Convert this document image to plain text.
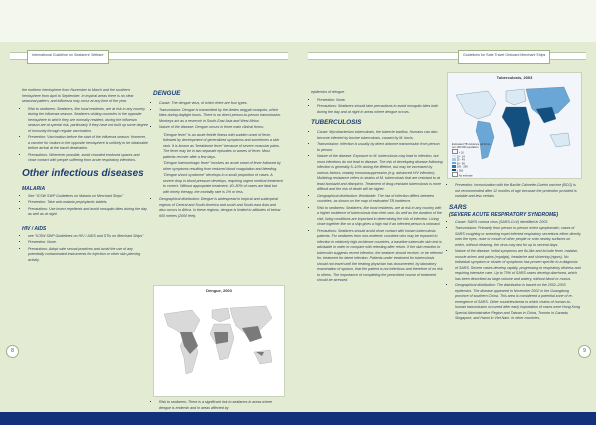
International Guideline on Seafarers' Welfare	Guidelines for Safe Travel Onboard Merchant Ships

the northern hemisphere from November to March and the southern hemisphere from April to September. In tropical areas there is no clear seasonal pattern, and influenza may occur at any time of the year.

▪ Risk to seafarers: Seafarers, like local residents, are at risk in any country during the influenza season. Seafarers visiting countries in the opposite hemisphere to which they are normally resident, during the influenza season are at special risk, particularly if they have not built up some degree of immunity through regular vaccination.
▪ Prevention: Vaccination before the start of the influenza season. However, a vaccine for visitors in the opposite hemisphere is unlikely to be obtainable before arrival at the travel destination.
▪ Precautions: Whenever possible, avoid crowded enclosed spaces and close contact with people suffering from acute respiratory infections.
Other infectious diseases
MALARIA
▪ See "ICSW SWP Guidelines on Malaria on Merchant Ships"
▪ Prevention: Take anti-malaria prophylactic tablets.
▪ Precautions: Use insect repellents and avoid mosquito bites during the day as well as at night.
HIV / AIDS
▪ see "ICSW SWP Guidelines on HIV / AIDS and STIs on Merchant Ships"
▪ Prevention: None.
▪ Precautions: Adopt safe sexual practices and avoid the use of any potentially contaminated instruments for injection or other skin-piercing activity.
DENGUE
▪ Cause: The dengue virus, of which there are four types.
▪ Transmission: Dengue is transmitted by the Aedes aegypti mosquito, which bites during daylight hours. There is no direct person-to-person transmission. Monkeys act as a reservoir in South-East Asia and West Africa.
▪ Nature of the disease: Dengue occurs in three main clinical forms:
"Dengue fever" is an acute febrile illness with sudden onset of fever, followed by development of generalized symptoms and sometimes a skin rash. It is known as "breakbone fever" because of severe muscular pains. The fever may be in two separate episodes or waves of fever. Most patients recover after a few days.
"Dengue haemorrhagic fever" involves an acute onset of fever followed by other symptoms resulting from reduced blood coagulation and bleeding.
"Dengue shock syndrome" develops in a small proportion of cases. A severe drop in blood pressure develops, requiring urgent medical treatment to correct. Without appropriate treatment, 40–50% of cases are fatal but with timely therapy, the mortality rate is 1% or less.
▪ Geographical distribution: Dengue is widespread in tropical and subtropical regions of Central and South America and south and South-east Asia and also occurs in Africa. In these regions, dengue is limited to altitudes of below 600 metres (2000 feet).
Dengue, 2003
▪ Risk to seafarers: There is a significant risk to seafarers in areas where dengue is endemic and in areas affected by

epidemics of dengue.

▪ Prevention: None.
▪ Precautions: Seafarers should take precautions to avoid mosquito bites both during the day and at night in areas where dengue occurs.
TUBERCULOSIS
▪ Cause: Mycobacterium tuberculosis, the tubercle bacillus. Humans can also become infected by bovine tuberculosis, caused by M. bovis.
▪ Transmission: Infection is usually by direct airborne transmission from person to person.
▪ Nature of the disease: Exposure to M. tuberculosis may lead to infection, but most infections do not lead to disease. The risk of developing disease following infection is generally 5–10% during the lifetime, but may be increased by various factors, notably immunosuppression (e.g. advanced HIV infection). Multidrug resistance refers to strains of M. tuberculosis that are resistant to at least isoniazid and rifampicin. Treatment of drug-resistant tuberculosis is more difficult and the risk of death will be higher.
▪ Geographical distribution: Worldwide. The risk of infection differs between countries, as shown on the map of estimated TB incidence.
▪ Risk to seafarers: Seafarers, like local residents, are at risk in any country with a higher incidence of tuberculosis than their own. As well as the duration of the visit, living conditions are important in determining the risk of infection. Living close together like on a ship gives a high risk if an infected person is onboard.
▪ Precautions: Seafarers should avoid close contact with known tuberculosis patients. For seafarers from non-endemic countries who may be exposed to infection in relatively high-incidence countries, a baseline tuberculin skin test is advisable in order to compare with retesting after return. If the skin reaction to tuberculin suggests recent infection, the seafarer should receive, or be referred for, treatment for latent infection. Patients under treatment for tuberculosis should not travel until the treating physician has documented, by laboratory examination of sputum, that the patient is not infectious and therefore of no risk to others. The importance of completing the prescribed course of treatment should be stressed.
Tuberculosis, 2003
Estimated TB incidence, all forms
per 100 000 population
< 10
10 - 24
25 - 49
50 - 99
100 - 299
≥ 300
No estimate
▪ Prevention: Immunization with the Bacille Calmette-Guérin vaccine (BCG) is not recommended after 12 months of age because the protection provided is variable and less certain.
SARS
(SEVERE ACUTE RESPIRATORY SYNDROME)
▪ Cause: SARS corona virus (SARS-CoV) identified in 2003.
▪ Transmission: Primarily from person to person when symptomatic; cases of SARS coughing or sneezing expel infected respiratory secretions either directly onto the eyes, nose or mouth of other people or onto nearby surfaces on which, without cleaning, the virus may last for up to several days.
▪ Nature of the disease: Initial symptoms are flu-like and include fever, malaise, muscle aches and pains (myalgia), headache and shivering (rigors). No individual symptom or cluster of symptoms has proven specific to a diagnosis of SARS. Severe cases develop rapidly, progressing to respiratory distress and requiring intensive care. Up to 70% of SARS cases develop diarrhoea, which has been described as large-volume and watery, without blood or mucus.
▪ Geographical distribution: The distribution is based on the 2002–2003 epidemics. The disease appeared in November 2002 in the Guangdong province of southern China. This area is considered a potential zone of re-emergence of SARS. Other countries/areas in which chains of human-to-human transmission occurred after early importation of cases were Hong Kong Special Administrative Region and Taiwan in China, Toronto in Canada, Singapore, and Hanoi in Viet Nam. In other countries,
8	9
